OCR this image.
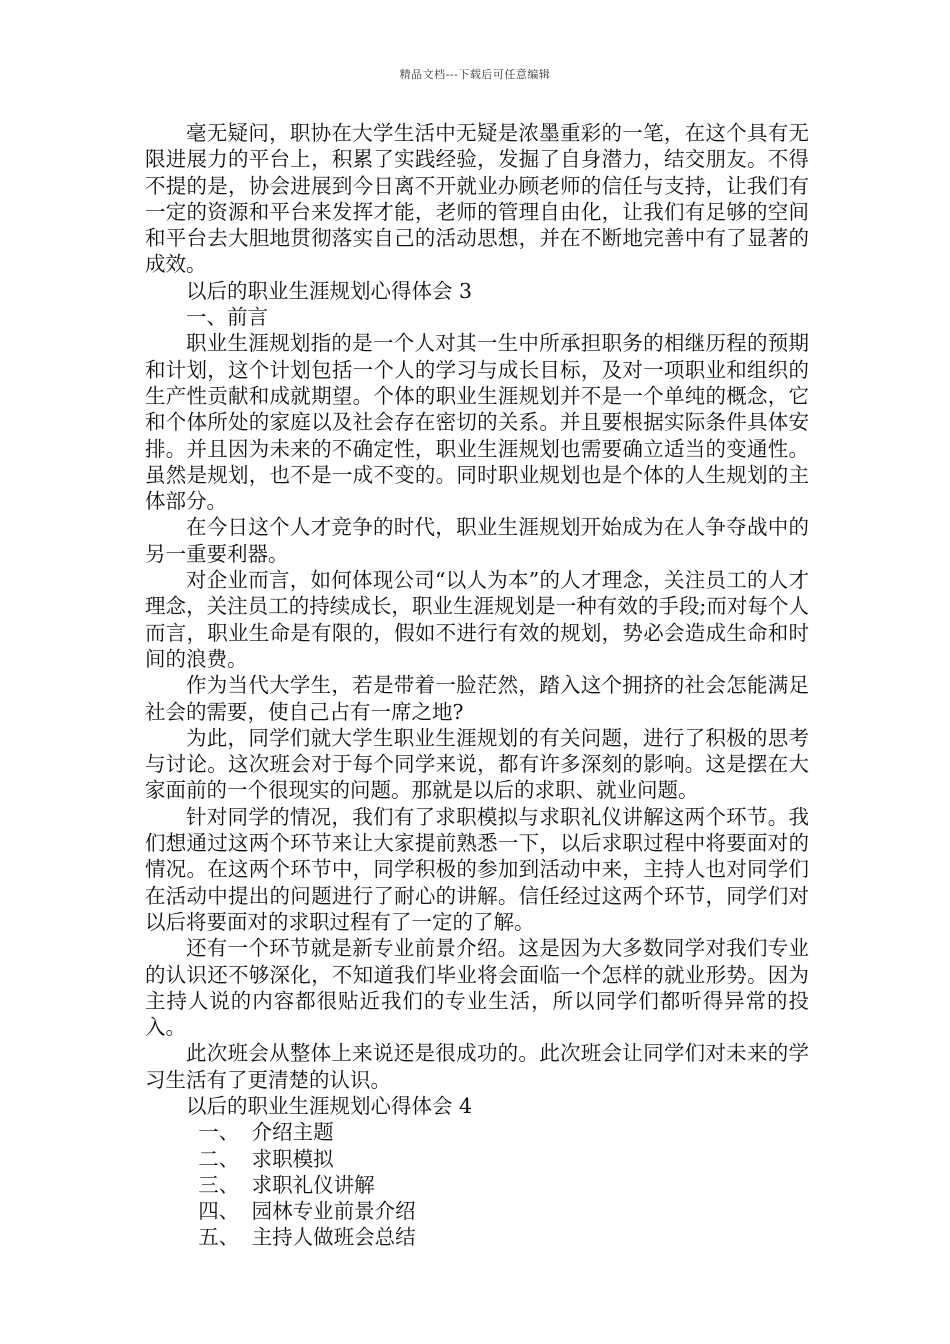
精品文档---下载后可任意编辑

毫无疑问，职协在大学生活中无疑是浓墨重彩的一笔，在这个具有无限进展力的平台上，积累了实践经验，发掘了自身潜力，结交朋友。不得不提的是，协会进展到今日离不开就业办顾老师的信任与支持，让我们有一定的资源和平台来发挥才能，老师的管理自由化，让我们有足够的空间和平台去大胆地贯彻落实自己的活动思想，并在不断地完善中有了显著的成效。

以后的职业生涯规划心得体会 3

一、前言

职业生涯规划指的是一个人对其一生中所承担职务的相继历程的预期和计划，这个计划包括一个人的学习与成长目标，及对一项职业和组织的生产性贡献和成就期望。个体的职业生涯规划并不是一个单纯的概念，它和个体所处的家庭以及社会存在密切的关系。并且要根据实际条件具体安排。并且因为未来的不确定性，职业生涯规划也需要确立适当的变通性。虽然是规划，也不是一成不变的。同时职业规划也是个体的人生规划的主体部分。

在今日这个人才竞争的时代，职业生涯规划开始成为在人争夺战中的另一重要利器。

对企业而言，如何体现公司“以人为本”的人才理念，关注员工的人才理念，关注员工的持续成长，职业生涯规划是一种有效的手段;而对每个人而言，职业生命是有限的，假如不进行有效的规划，势必会造成生命和时间的浪费。

作为当代大学生，若是带着一脸茫然，踏入这个拥挤的社会怎能满足社会的需要，使自己占有一席之地?

为此，同学们就大学生职业生涯规划的有关问题，进行了积极的思考与讨论。这次班会对于每个同学来说，都有许多深刻的影响。这是摆在大家面前的一个很现实的问题。那就是以后的求职、就业问题。

针对同学的情况，我们有了求职模拟与求职礼仪讲解这两个环节。我们想通过这两个环节来让大家提前熟悉一下，以后求职过程中将要面对的情况。在这两个环节中，同学积极的参加到活动中来，主持人也对同学们在活动中提出的问题进行了耐心的讲解。信任经过这两个环节，同学们对以后将要面对的求职过程有了一定的了解。

还有一个环节就是新专业前景介绍。这是因为大多数同学对我们专业的认识还不够深化，不知道我们毕业将会面临一个怎样的就业形势。因为主持人说的内容都很贴近我们的专业生活，所以同学们都听得异常的投入。

此次班会从整体上来说还是很成功的。此次班会让同学们对未来的学习生活有了更清楚的认识。

以后的职业生涯规划心得体会 4

一、 介绍主题

二、 求职模拟

三、 求职礼仪讲解

四、 园林专业前景介绍

五、 主持人做班会总结
